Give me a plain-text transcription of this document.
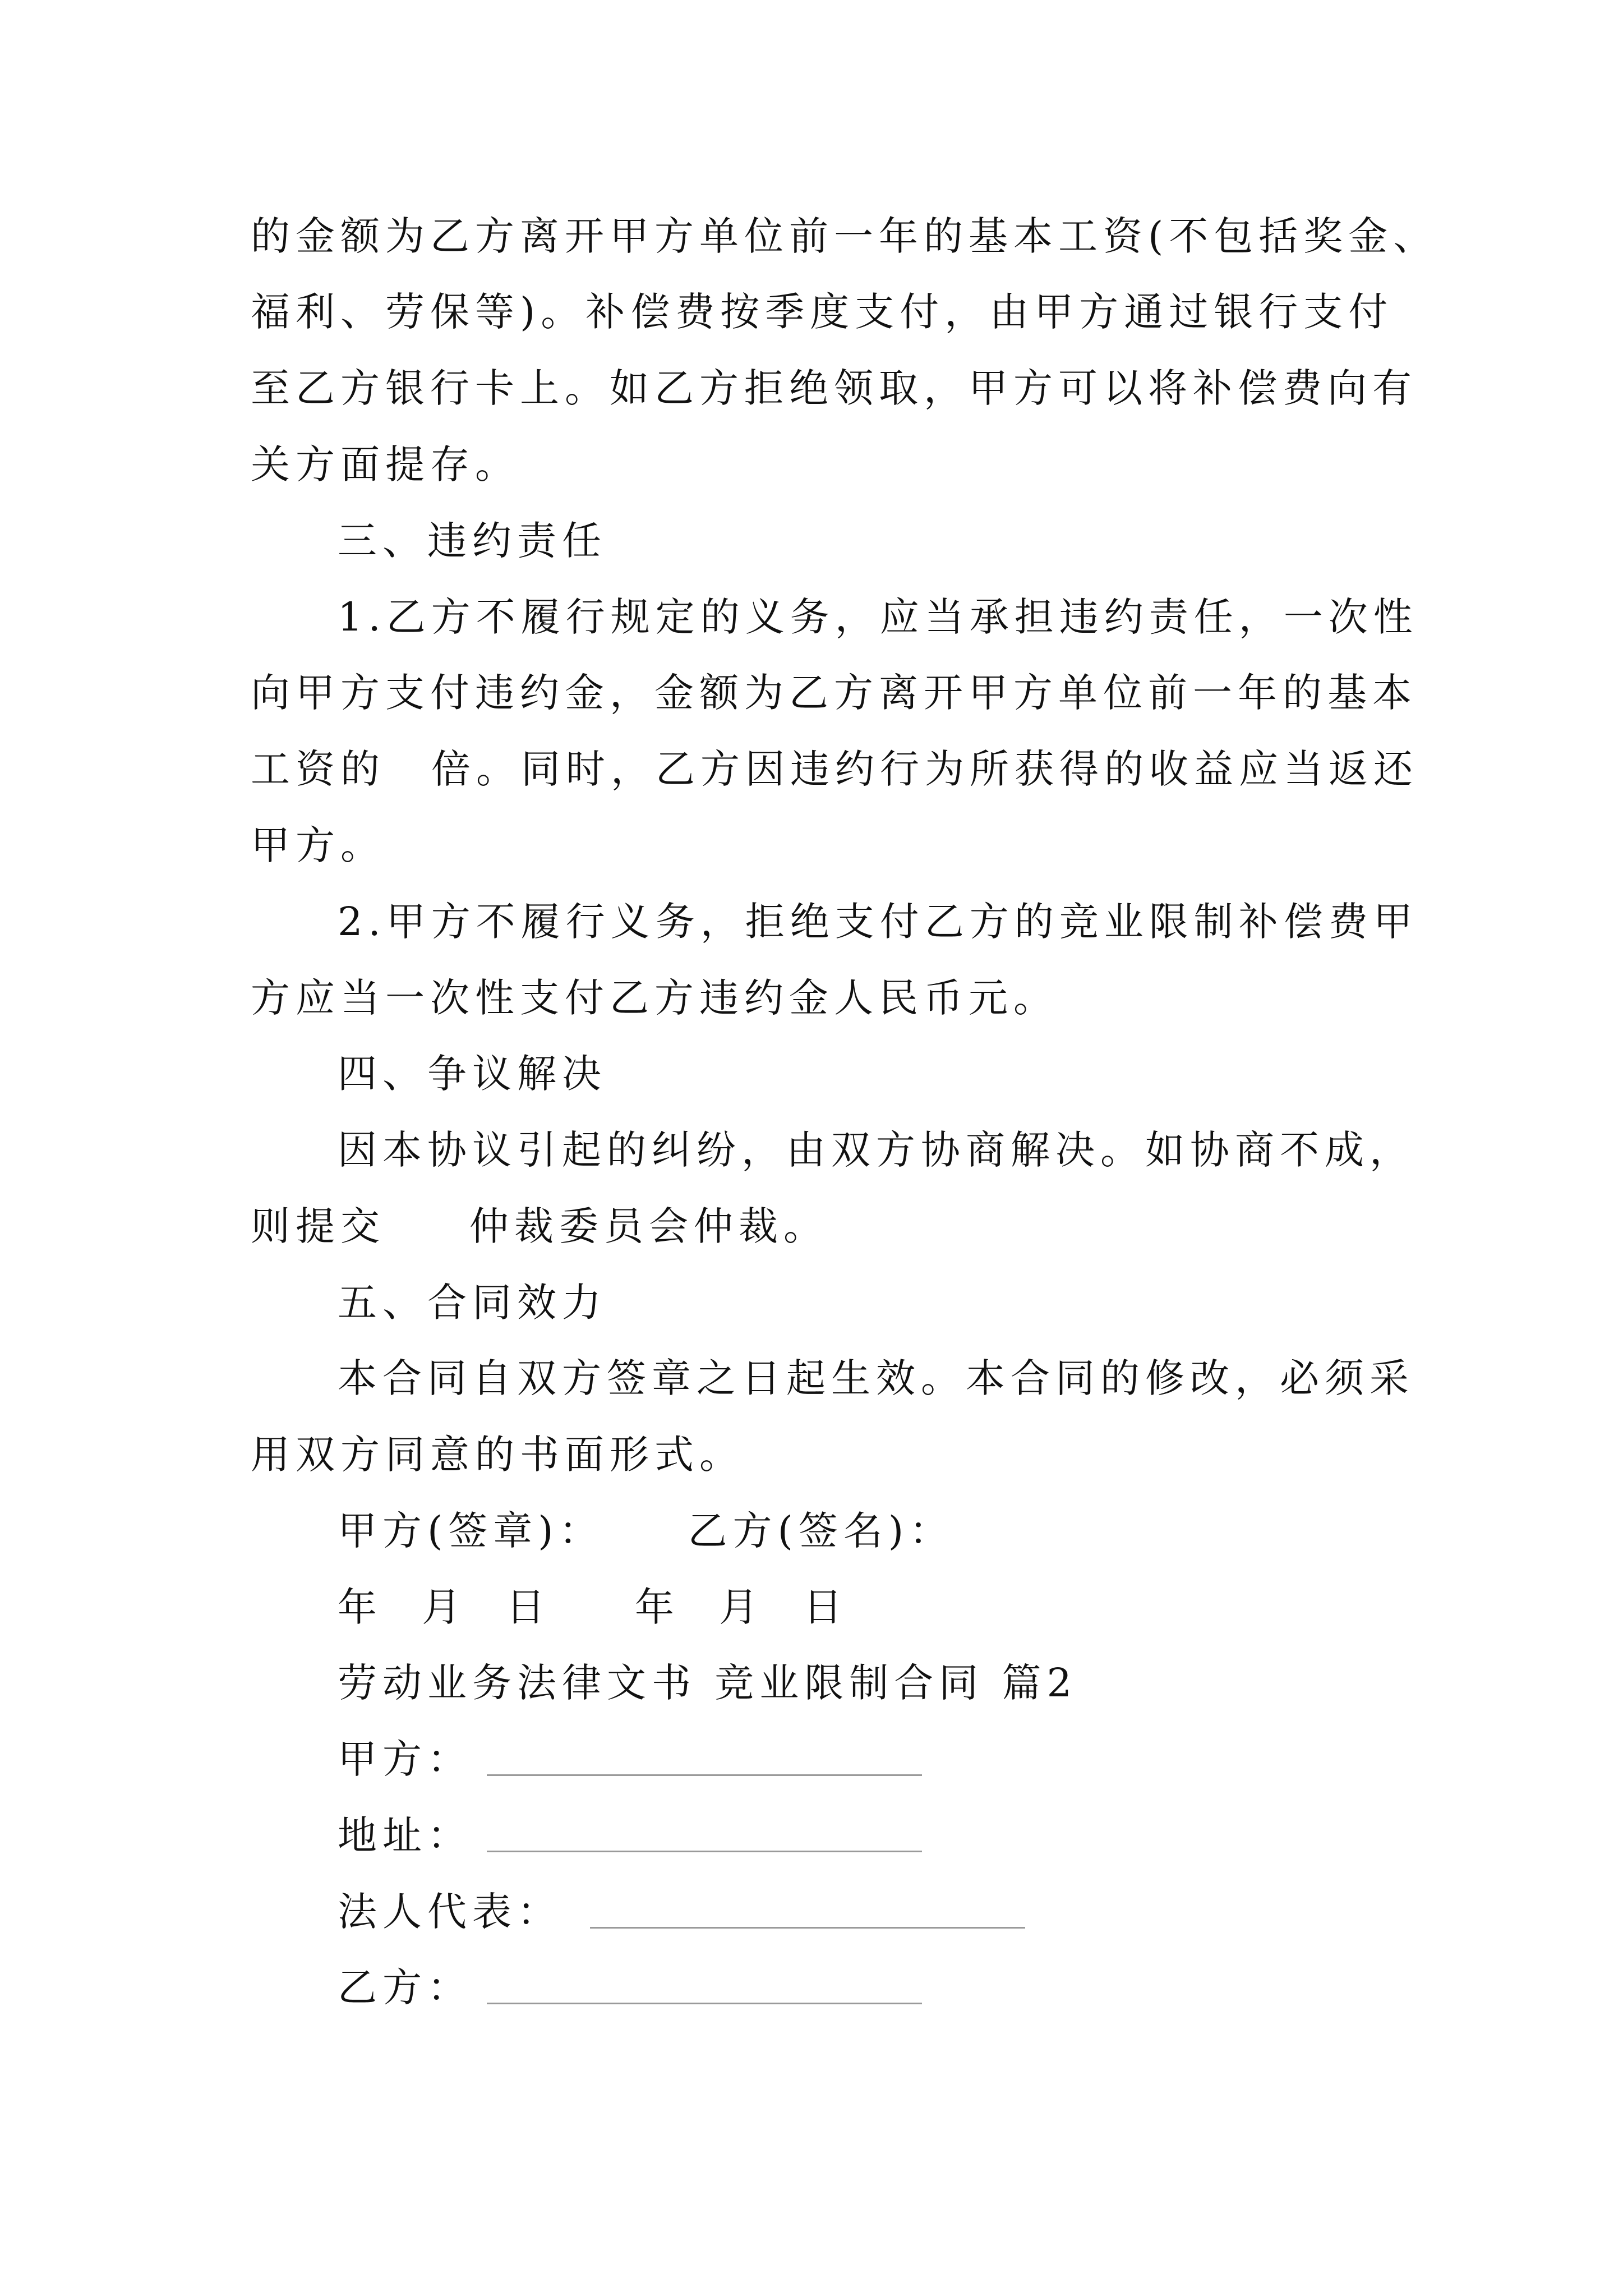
的金额为乙方离开甲方单位前一年的基本工资(不包括奖金、
福利、劳保等)。补偿费按季度支付，由甲方通过银行支付
至乙方银行卡上。如乙方拒绝领取，甲方可以将补偿费向有
关方面提存。
三、违约责任
1.乙方不履行规定的义务，应当承担违约责任，一次性
向甲方支付违约金，金额为乙方离开甲方单位前一年的基本
工资的 倍。同时，乙方因违约行为所获得的收益应当返还
甲方。
2.甲方不履行义务，拒绝支付乙方的竞业限制补偿费甲
方应当一次性支付乙方违约金人民币元。
四、争议解决
因本协议引起的纠纷，由双方协商解决。如协商不成，
则提交 仲裁委员会仲裁。
五、合同效力
本合同自双方签章之日起生效。本合同的修改，必须采
用双方同意的书面形式。
甲方(签章)： 乙方(签名)：
年 月 日 年 月 日
劳动业务法律文书 竞业限制合同 篇2
甲方：
地址：
法人代表：
乙方：
